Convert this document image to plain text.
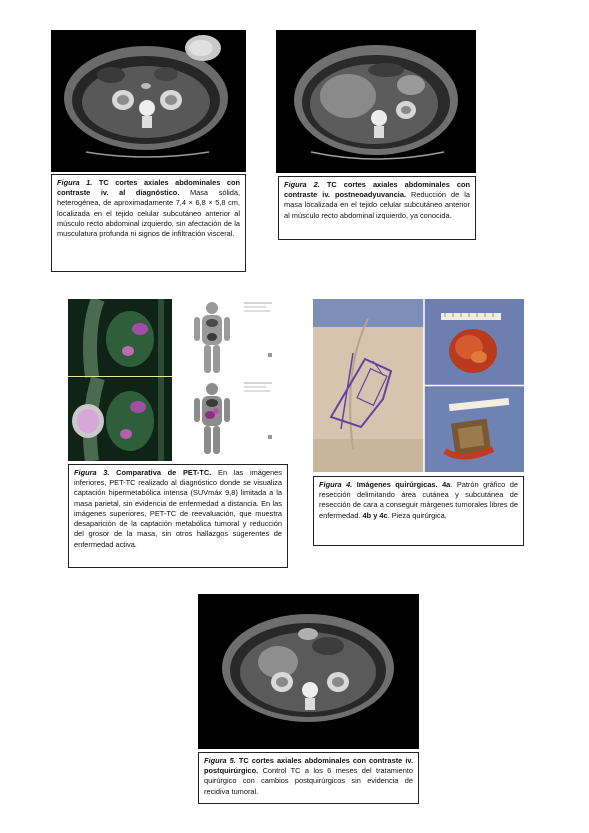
Figura 1. TC cortes axiales abdominales con contraste iv. al diagnóstico. Masa sólida, heterogénea, de aproximadamente 7,4 × 6,8 × 5,8 cm, localizada en el tejido celular subcutáneo anterior al músculo recto abdominal izquierdo, sin afectación de la musculatura profunda ni signos de infiltración visceral.
Figura 2. TC cortes axiales abdominales con contraste iv. postneoadyuvancia. Reducción de la masa localizada en el tejido celular subcutáneo anterior al músculo recto abdominal izquierdo, ya conocida.
Figura 3. Comparativa de PET-TC. En las imágenes inferiores, PET-TC realizado al diagnóstico donde se visualiza captación hipermetabólica intensa (SUVmáx 9,8) limitada a la masa parietal, sin evidencia de enfermedad a distancia. En las imágenes superiores, PET-TC de reevaluación, que muestra desaparición de la captación metabólica tumoral y reducción del grosor de la masa, sin otros hallazgos sugerentes de enfermedad activa.
Figura 4. Imágenes quirúrgicas. 4a. Patrón gráfico de resección delimitando área cutánea y subcutánea de resección de cara a conseguir márgenes tumorales libres de enfermedad. 4b y 4c. Pieza quirúrgica.
Figura 5. TC cortes axiales abdominales con contraste iv. postquirúrgico. Control TC a los 6 meses del tratamiento quirúrgico con cambios postquirúrgicos sin evidencia de recidiva tumoral.
